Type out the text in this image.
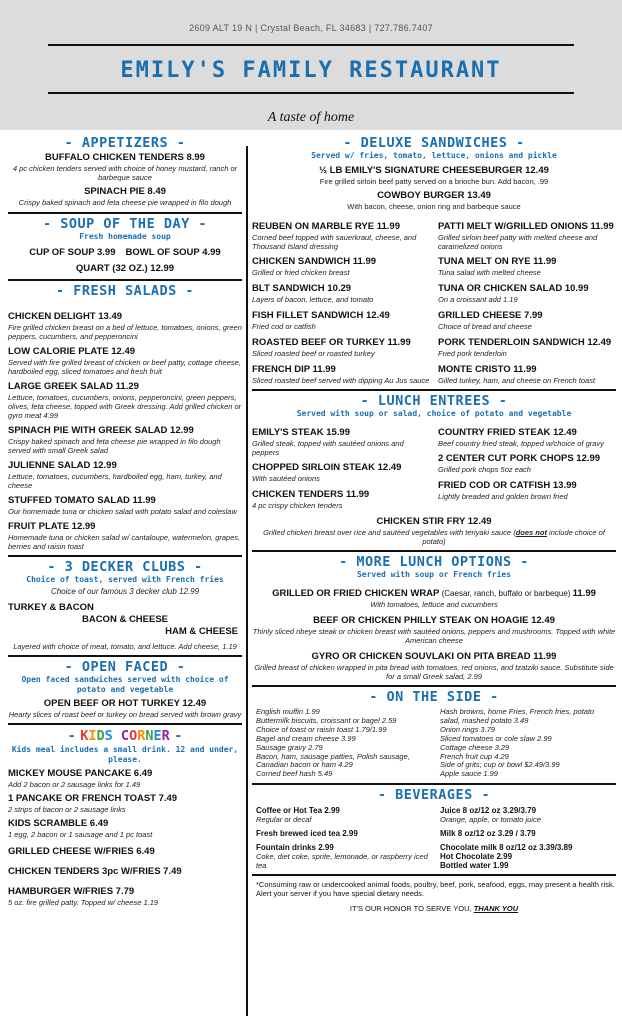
2609 ALT 19 N | Crystal Beach, FL 34683 | 727.786.7407
EMILY'S FAMILY RESTAURANT
A taste of home
- APPETIZERS -
BUFFALO CHICKEN TENDERS 8.99
4 pc chicken tenders served with choice of honey mustard, ranch or barbeque sauce
SPINACH PIE 8.49
Crispy baked spinach and feta cheese pie wrapped in filo dough
- SOUP OF THE DAY -
Fresh homemade soup
CUP OF SOUP 3.99 BOWL OF SOUP 4.99
QUART (32 OZ.) 12.99
- FRESH SALADS -
CHICKEN DELIGHT 13.49
Fire grilled chicken breast on a bed of lettuce, tomatoes, onions, green peppers, cucumbers, and pepperoncini
LOW CALORIE PLATE 12.49
Served with fire grilled breast of chicken or beef patty, cottage cheese, hardboiled egg, sliced tomatoes and fresh fruit
LARGE GREEK SALAD 11.29
Lettuce, tomatoes, cucumbers, onions, pepperoncini, green peppers, olives, feta cheese, topped with Greek dressing. Add grilled chicken or gyro meat 4.99
SPINACH PIE WITH GREEK SALAD 12.99
Crispy baked spinach and feta cheese pie wrapped in filo dough served with small Greek salad
JULIENNE SALAD 12.99
Lettuce, tomatoes, cucumbers, hardboiled egg, ham, turkey, and cheese
STUFFED TOMATO SALAD 11.99
Our homemade tuna or chicken salad with potato salad and coleslaw
FRUIT PLATE 12.99
Homemade tuna or chicken salad w/ cantaloupe, watermelon, grapes, berries and raisin toast
- 3 DECKER CLUBS -
Choice of toast, served with French fries
Choice of our famous 3 decker club 12.99
TURKEY & BACON
BACON & CHEESE
HAM & CHEESE
Layered with choice of meat, tomato, and lettuce. Add cheese, 1.19
- OPEN FACED -
Open faced sandwiches served with choice of potato and vegetable
OPEN BEEF OR HOT TURKEY 12.49
Hearty slices of roast beef or turkey on bread served with brown gravy
- KIDS CORNER -
Kids meal includes a small drink. 12 and under, please.
MICKEY MOUSE PANCAKE 6.49
Add 2 bacon or 2 sausage links for 1.49
1 PANCAKE OR FRENCH TOAST 7.49
2 strips of bacon or 2 sausage links
KIDS SCRAMBLE 6.49
1 egg, 2 bacon or 1 sausage and 1 pc toast
GRILLED CHEESE W/FRIES 6.49
CHICKEN TENDERS 3pc W/FRIES 7.49
HAMBURGER W/FRIES 7.79
5 oz. fire grilled patty. Topped w/ cheese 1.19
- DELUXE SANDWICHES -
Served w/ fries, tomato, lettuce, onions and pickle
½ LB EMILY'S SIGNATURE CHEESEBURGER 12.49
Fire grilled sirloin beef patty served on a brioche bun. Add bacon, .99
COWBOY BURGER 13.49
With bacon, cheese, onion ring and barbeque sauce
REUBEN ON MARBLE RYE 11.99
Corned beef topped with sauerkraut, cheese, and Thousand Island dressing
CHICKEN SANDWICH 11.99
Grilled or fried chicken breast
BLT SANDWICH 10.29
Layers of bacon, lettuce, and tomato
FISH FILLET SANDWICH 12.49
Fried cod or catfish
ROASTED BEEF OR TURKEY 11.99
Sliced roasted beef or roasted turkey
FRENCH DIP 11.99
Sliced roasted beef served with dipping Au Jus sauce
PATTI MELT W/GRILLED ONIONS 11.99
Grilled sirloin beef patty with melted cheese and caramelized onions
TUNA MELT ON RYE 11.99
Tuna salad with melted cheese
TUNA OR CHICKEN SALAD 10.99
On a croissant add 1.19
GRILLED CHEESE 7.99
Choice of bread and cheese
PORK TENDERLOIN SANDWICH 12.49
Fried pork tenderloin
MONTE CRISTO 11.99
Gilled turkey, ham, and cheese on French toast
- LUNCH ENTREES -
Served with soup or salad, choice of potato and vegetable
EMILY'S STEAK 15.99
Grilled steak, topped with sautéed onions and peppers
CHOPPED SIRLOIN STEAK 12.49
With sautéed onions
CHICKEN TENDERS 11.99
4 pc crispy chicken tenders
COUNTRY FRIED STEAK 12.49
Beef country fried steak, topped w/choice of gravy
2 CENTER CUT PORK CHOPS 12.99
Grilled pork chops 5oz each
FRIED COD OR CATFISH 13.99
Lightly breaded and golden brown fried
CHICKEN STIR FRY 12.49
Grilled chicken breast over rice and sautéed vegetables with teriyaki sauce (does not include choice of potato)
- MORE LUNCH OPTIONS -
Served with soup or French fries
GRILLED OR FRIED CHICKEN WRAP (Caesar, ranch, buffalo or barbeque) 11.99
With tomatoes, lettuce and cucumbers
BEEF OR CHICKEN PHILLY STEAK ON HOAGIE 12.49
Thinly sliced ribeye steak or chicken breast with sautéed onions, peppers and mushrooms. Topped with white American cheese
GYRO OR CHICKEN SOUVLAKI ON PITA BREAD 11.99
Grilled breast of chicken wrapped in pita bread with tomatoes, red onions, and tzatziki sauce. Substitute side for a small Greek salad, 2.99
- ON THE SIDE -
English muffin 1.99
Buttermilk biscuits, croissant or bagel 2.59
Choice of toast or raisin toast 1.79/1.99
Bagel and cream cheese 3.99
Sausage gravy 2.79
Bacon, ham, sausage patties, Polish sausage, Canadian bacon or ham 4.29
Corned beef hash 5.49
Hash browns, home Fries, French fries, potato salad, mashed potato 3.49
Onion rings 3.79
Sliced tomatoes or cole slaw 2.99
Cottage cheese 3.29
French fruit cup 4.29
Side of grits; cup or bowl $2.49/3.99
Apple sauce 1.99
- BEVERAGES -
Coffee or Hot Tea 2.99
Regular or decaf
Fresh brewed iced tea 2.99
Fountain drinks 2.99
Coke, diet coke, sprite, lemonade, or raspberry iced tea
Juice 8 oz/12 oz 3.29/3.79
Orange, apple, or tomato juice
Milk 8 oz/12 oz 3.29 / 3.79
Chocolate milk 8 oz/12 oz 3.39/3.89
Hot Chocolate 2.99
Bottled water 1.99
*Consuming raw or undercooked animal foods, poultry, beef, pork, seafood, eggs, may present a health risk. Alert your server if you have special dietary needs.
IT'S OUR HONOR TO SERVE YOU, THANK YOU
